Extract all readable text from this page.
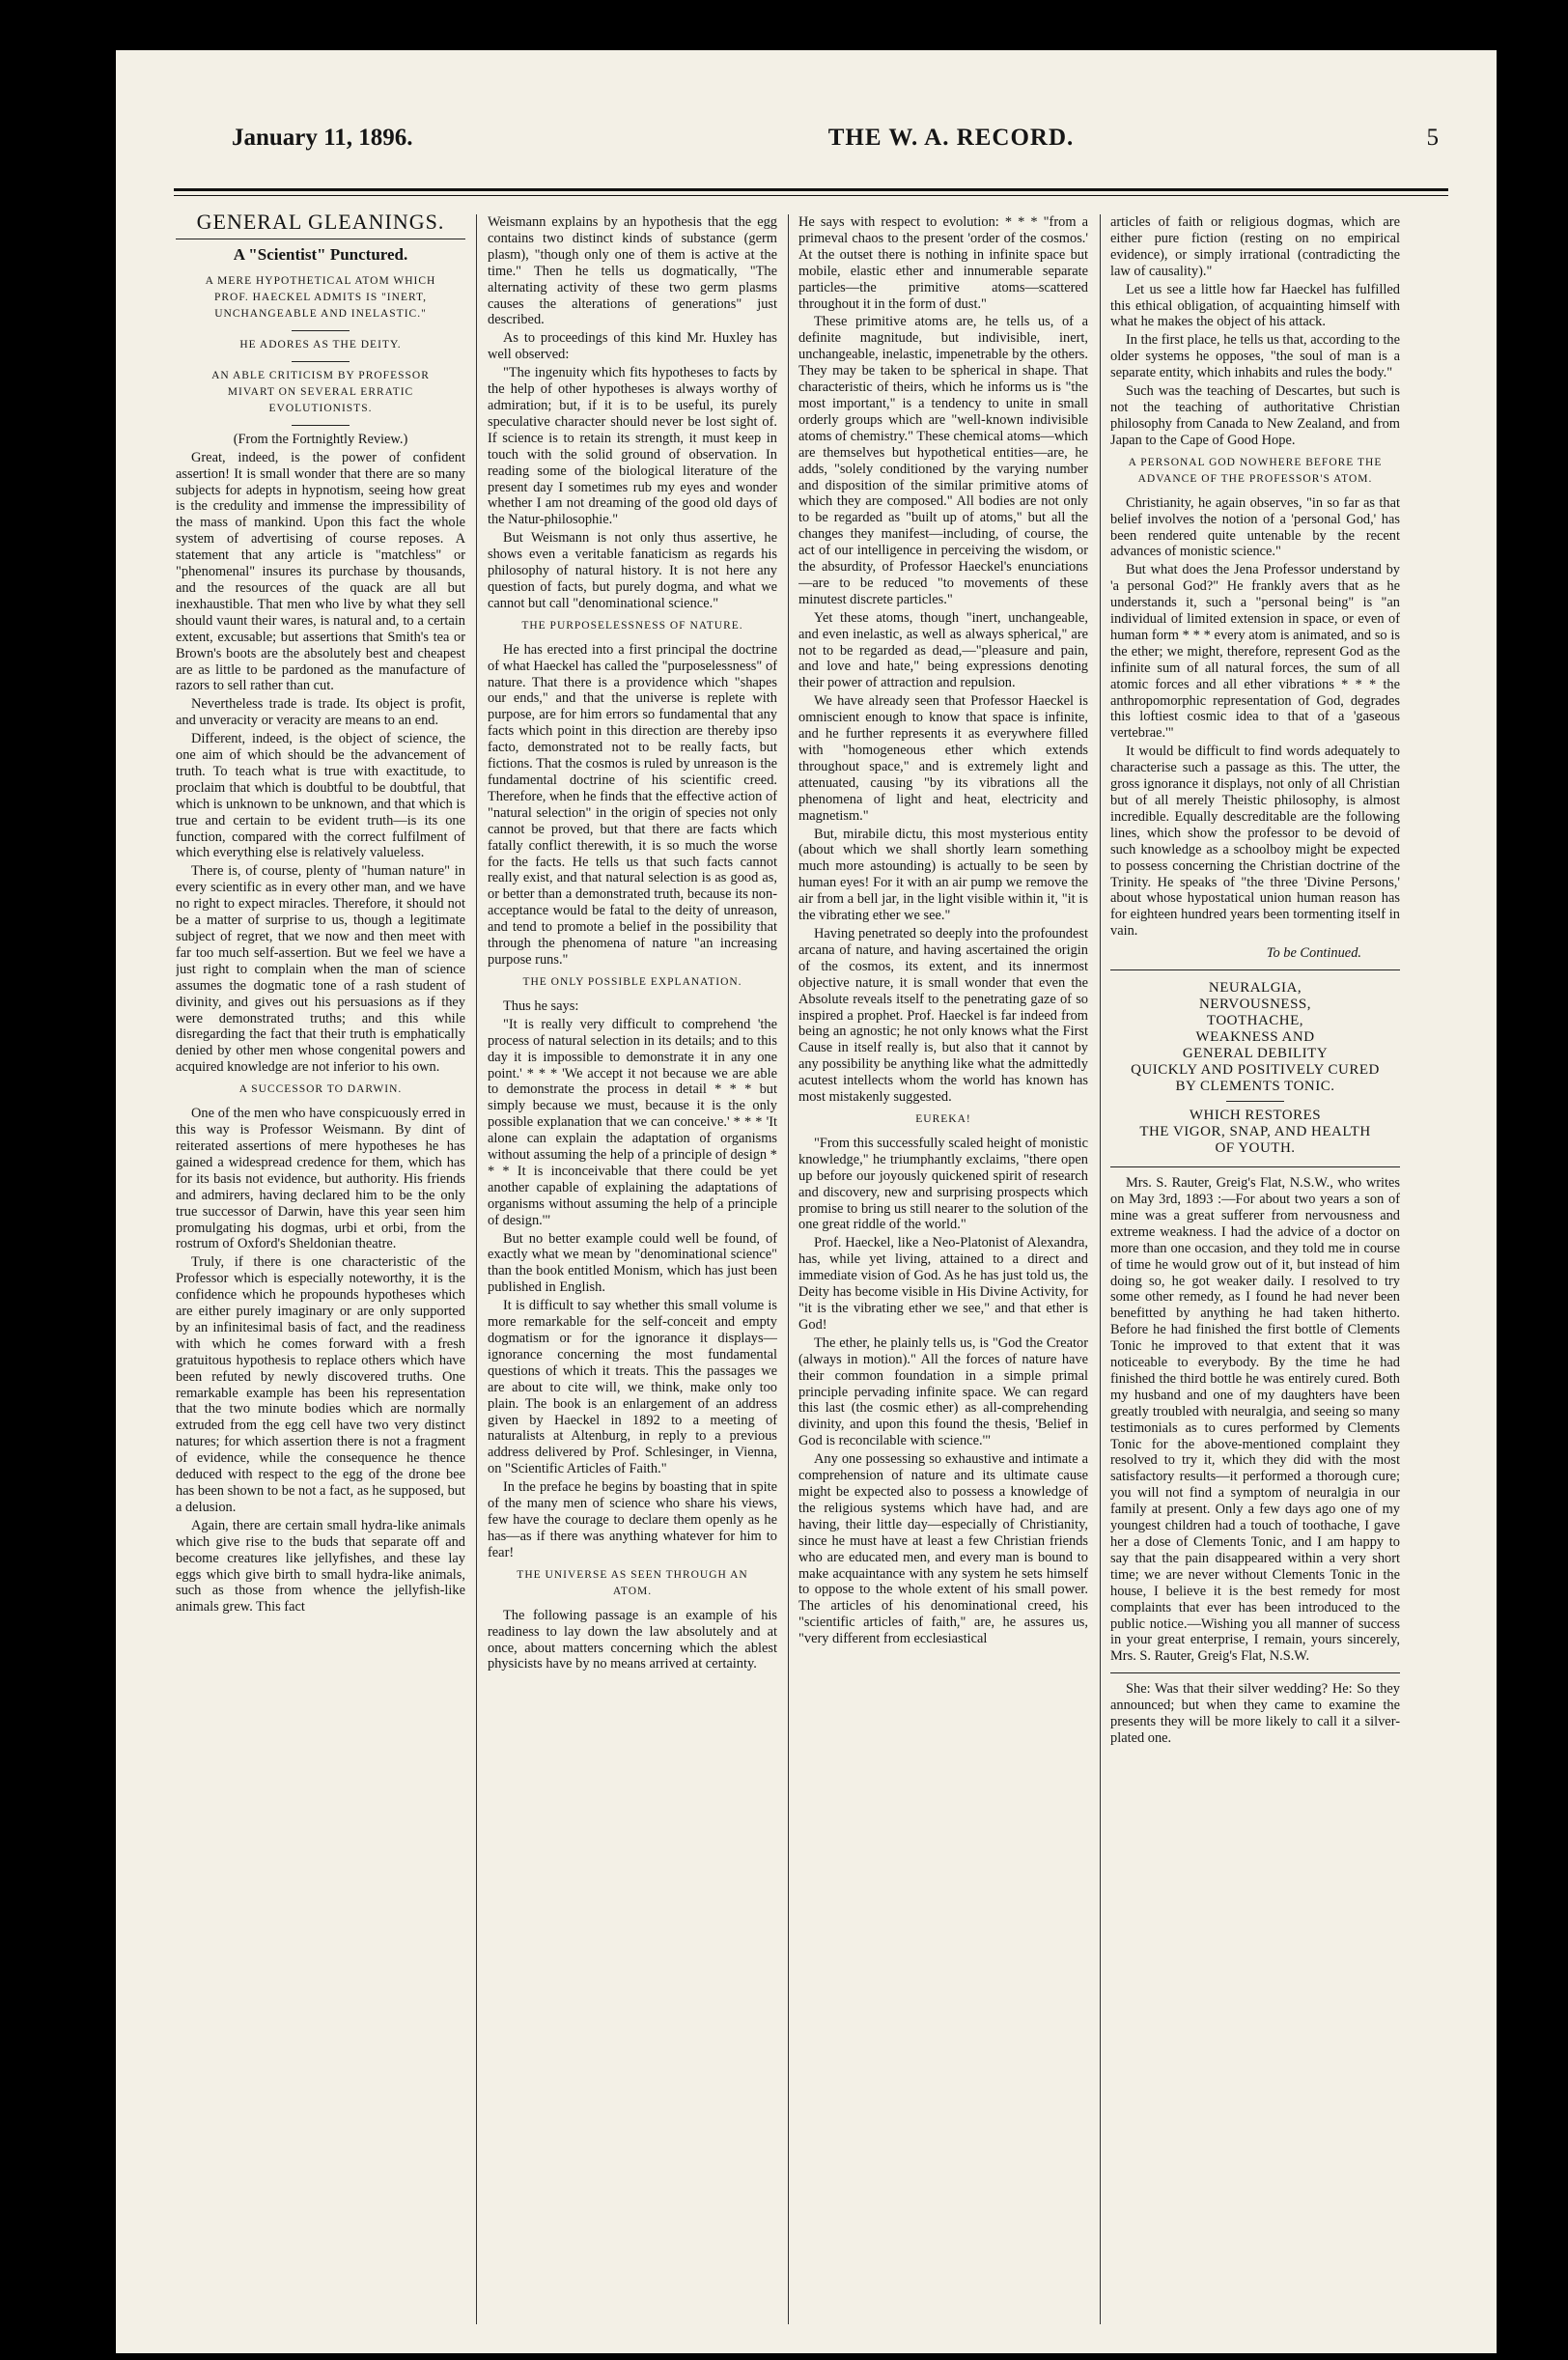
January 11, 1896.	THE W. A. RECORD.	5
GENERAL GLEANINGS.
A "Scientist" Punctured.
A MERE HYPOTHETICAL ATOM WHICH PROF. HAECKEL ADMITS IS "INERT, UNCHANGEABLE AND INELASTIC."
HE ADORES AS THE DEITY.
AN ABLE CRITICISM BY PROFESSOR MIVART ON SEVERAL ERRATIC EVOLUTIONISTS.

(From the Fortnightly Review.)

Great, indeed, is the power of confident assertion! It is small wonder that there are so many subjects for adepts in hypnotism, seeing how great is the credulity and immense the impressibility of the mass of mankind. Upon this fact the whole system of advertising of course reposes. A statement that any article is "matchless" or "phenomenal" insures its purchase by thousands, and the resources of the quack are all but inexhaustible. That men who live by what they sell should vaunt their wares, is natural and, to a certain extent, excusable; but assertions that Smith's tea or Brown's boots are the absolutely best and cheapest are as little to be pardoned as the manufacture of razors to sell rather than cut.

Nevertheless trade is trade. Its object is profit, and unveracity or veracity are means to an end.

Different, indeed, is the object of science, the one aim of which should be the advancement of truth. To teach what is true with exactitude, to proclaim that which is doubtful to be doubtful, that which is unknown to be unknown, and that which is true and certain to be evident truth—is its one function, compared with the correct fulfilment of which everything else is relatively valueless.

There is, of course, plenty of "human nature" in every scientific as in every other man, and we have no right to expect miracles. Therefore, it should not be a matter of surprise to us, though a legitimate subject of regret, that we now and then meet with far too much self-assertion. But we feel we have a just right to complain when the man of science assumes the dogmatic tone of a rash student of divinity, and gives out his persuasions as if they were demonstrated truths; and this while disregarding the fact that their truth is emphatically denied by other men whose congenital powers and acquired knowledge are not inferior to his own.

A SUCCESSOR TO DARWIN.

One of the men who have conspicuously erred in this way is Professor Weismann. By dint of reiterated assertions of mere hypotheses he has gained a widespread credence for them, which has for its basis not evidence, but authority. His friends and admirers, having declared him to be the only true successor of Darwin, have this year seen him promulgating his dogmas, urbi et orbi, from the rostrum of Oxford's Sheldonian theatre.

Truly, if there is one characteristic of the Professor which is especially noteworthy, it is the confidence which he propounds hypotheses which are either purely imaginary or are only supported by an infinitesimal basis of fact, and the readiness with which he comes forward with a fresh gratuitous hypothesis to replace others which have been refuted by newly discovered truths. One remarkable example has been his representation that the two minute bodies which are normally extruded from the egg cell have two very distinct natures; for which assertion there is not a fragment of evidence, while the consequence he thence deduced with respect to the egg of the drone bee has been shown to be not a fact, as he supposed, but a delusion.

Again, there are certain small hydra-like animals which give rise to the buds that separate off and become creatures like jellyfishes, and these lay eggs which give birth to small hydra-like animals, such as those from whence the jellyfish-like animals grew. This fact

Weismann explains by an hypothesis that the egg contains two distinct kinds of substance (germ plasm), "though only one of them is active at the time." Then he tells us dogmatically, "The alternating activity of these two germ plasms causes the alterations of generations" just described.

As to proceedings of this kind Mr. Huxley has well observed:

"The ingenuity which fits hypotheses to facts by the help of other hypotheses is always worthy of admiration; but, if it is to be useful, its purely speculative character should never be lost sight of. If science is to retain its strength, it must keep in touch with the solid ground of observation. In reading some of the biological literature of the present day I sometimes rub my eyes and wonder whether I am not dreaming of the good old days of the Natur-philosophie."

But Weismann is not only thus assertive, he shows even a veritable fanaticism as regards his philosophy of natural history. It is not here any question of facts, but purely dogma, and what we cannot but call "denominational science."

THE PURPOSELESSNESS OF NATURE.

He has erected into a first principal the doctrine of what Haeckel has called the "purposelessness" of nature. That there is a providence which "shapes our ends," and that the universe is replete with purpose, are for him errors so fundamental that any facts which point in this direction are thereby ipso facto, demonstrated not to be really facts, but fictions. That the cosmos is ruled by unreason is the fundamental doctrine of his scientific creed. Therefore, when he finds that the effective action of "natural selection" in the origin of species not only cannot be proved, but that there are facts which fatally conflict therewith, it is so much the worse for the facts. He tells us that such facts cannot really exist, and that natural selection is as good as, or better than a demonstrated truth, because its non-acceptance would be fatal to the deity of unreason, and tend to promote a belief in the possibility that through the phenomena of nature "an increasing purpose runs."

THE ONLY POSSIBLE EXPLANATION.

Thus he says:

"It is really very difficult to comprehend 'the process of natural selection in its details; and to this day it is impossible to demonstrate it in any one point.' * * * 'We accept it not because we are able to demonstrate the process in detail * * * but simply because we must, because it is the only possible explanation that we can conceive.' * * * 'It alone can explain the adaptation of organisms without assuming the help of a principle of design * * * It is inconceivable that there could be yet another capable of explaining the adaptations of organisms without assuming the help of a principle of design.'"

But no better example could well be found, of exactly what we mean by "denominational science" than the book entitled Monism, which has just been published in English.

It is difficult to say whether this small volume is more remarkable for the self-conceit and empty dogmatism or for the ignorance it displays—ignorance concerning the most fundamental questions of which it treats. This the passages we are about to cite will, we think, make only too plain. The book is an enlargement of an address given by Haeckel in 1892 to a meeting of naturalists at Altenburg, in reply to a previous address delivered by Prof. Schlesinger, in Vienna, on "Scientific Articles of Faith."

In the preface he begins by boasting that in spite of the many men of science who share his views, few have the courage to declare them openly as he has—as if there was anything whatever for him to fear!

THE UNIVERSE AS SEEN THROUGH AN ATOM.

The following passage is an example of his readiness to lay down the law absolutely and at once, about matters concerning which the ablest physicists have by no means arrived at certainty.

He says with respect to evolution: * * * "from a primeval chaos to the present 'order of the cosmos.' At the outset there is nothing in infinite space but mobile, elastic ether and innumerable separate particles—the primitive atoms—scattered throughout it in the form of dust."

These primitive atoms are, he tells us, of a definite magnitude, but indivisible, inert, unchangeable, inelastic, impenetrable by the others. They may be taken to be spherical in shape. That characteristic of theirs, which he informs us is "the most important," is a tendency to unite in small orderly groups which are "well-known indivisible atoms of chemistry." These chemical atoms—which are themselves but hypothetical entities—are, he adds, "solely conditioned by the varying number and disposition of the similar primitive atoms of which they are composed." All bodies are not only to be regarded as "built up of atoms," but all the changes they manifest—including, of course, the act of our intelligence in perceiving the wisdom, or the absurdity, of Professor Haeckel's enunciations—are to be reduced "to movements of these minutest discrete particles."

Yet these atoms, though "inert, unchangeable, and even inelastic, as well as always spherical," are not to be regarded as dead,—"pleasure and pain, and love and hate," being expressions denoting their power of attraction and repulsion.

We have already seen that Professor Haeckel is omniscient enough to know that space is infinite, and he further represents it as everywhere filled with "homogeneous ether which extends throughout space," and is extremely light and attenuated, causing "by its vibrations all the phenomena of light and heat, electricity and magnetism."

But, mirabile dictu, this most mysterious entity (about which we shall shortly learn something much more astounding) is actually to be seen by human eyes! For it with an air pump we remove the air from a bell jar, in the light visible within it, "it is the vibrating ether we see."

Having penetrated so deeply into the profoundest arcana of nature, and having ascertained the origin of the cosmos, its extent, and its innermost objective nature, it is small wonder that even the Absolute reveals itself to the penetrating gaze of so inspired a prophet. Prof. Haeckel is far indeed from being an agnostic; he not only knows what the First Cause in itself really is, but also that it cannot by any possibility be anything like what the admittedly acutest intellects whom the world has known has most mistakenly suggested.

EUREKA!

"From this successfully scaled height of monistic knowledge," he triumphantly exclaims, "there open up before our joyously quickened spirit of research and discovery, new and surprising prospects which promise to bring us still nearer to the solution of the one great riddle of the world."

Prof. Haeckel, like a Neo-Platonist of Alexandra, has, while yet living, attained to a direct and immediate vision of God. As he has just told us, the Deity has become visible in His Divine Activity, for "it is the vibrating ether we see," and that ether is God!

The ether, he plainly tells us, is "God the Creator (always in motion)." All the forces of nature have their common foundation in a simple primal principle pervading infinite space. We can regard this last (the cosmic ether) as all-comprehending divinity, and upon this found the thesis, 'Belief in God is reconcilable with science.'"

Any one possessing so exhaustive and intimate a comprehension of nature and its ultimate cause might be expected also to possess a knowledge of the religious systems which have had, and are having, their little day—especially of Christianity, since he must have at least a few Christian friends who are educated men, and every man is bound to make acquaintance with any system he sets himself to oppose to the whole extent of his small power. The articles of his denominational creed, his "scientific articles of faith," are, he assures us, "very different from ecclesiastical

articles of faith or religious dogmas, which are either pure fiction (resting on no empirical evidence), or simply irrational (contradicting the law of causality)."

Let us see a little how far Haeckel has fulfilled this ethical obligation, of acquainting himself with what he makes the object of his attack.

In the first place, he tells us that, according to the older systems he opposes, "the soul of man is a separate entity, which inhabits and rules the body."

Such was the teaching of Descartes, but such is not the teaching of authoritative Christian philosophy from Canada to New Zealand, and from Japan to the Cape of Good Hope.

A PERSONAL GOD NOWHERE BEFORE THE ADVANCE OF THE PROFESSOR'S ATOM.

Christianity, he again observes, "in so far as that belief involves the notion of a 'personal God,' has been rendered quite untenable by the recent advances of monistic science."

But what does the Jena Professor understand by 'a personal God?" He frankly avers that as he understands it, such a "personal being" is "an individual of limited extension in space, or even of human form * * * every atom is animated, and so is the ether; we might, therefore, represent God as the infinite sum of all natural forces, the sum of all atomic forces and all ether vibrations * * * the anthropomorphic representation of God, degrades this loftiest cosmic idea to that of a 'gaseous vertebrae.'"

It would be difficult to find words adequately to characterise such a passage as this. The utter, the gross ignorance it displays, not only of all Christian but of all merely Theistic philosophy, is almost incredible. Equally descreditable are the following lines, which show the professor to be devoid of such knowledge as a schoolboy might be expected to possess concerning the Christian doctrine of the Trinity. He speaks of "the three 'Divine Persons,' about whose hypostatical union human reason has for eighteen hundred years been tormenting itself in vain.

To be Continued.
NEURALGIA,
NERVOUSNESS,
TOOTHACHE,
WEAKNESS AND
GENERAL DEBILITY
QUICKLY AND POSITIVELY CURED
BY CLEMENTS TONIC.
WHICH RESTORES
THE VIGOR, SNAP, AND HEALTH
OF YOUTH.

Mrs. S. Rauter, Greig's Flat, N.S.W., who writes on May 3rd, 1893 :—For about two years a son of mine was a great sufferer from nervousness and extreme weakness. I had the advice of a doctor on more than one occasion, and they told me in course of time he would grow out of it, but instead of him doing so, he got weaker daily. I resolved to try some other remedy, as I found he had never been benefitted by anything he had taken hitherto. Before he had finished the first bottle of Clements Tonic he improved to that extent that it was noticeable to everybody. By the time he had finished the third bottle he was entirely cured. Both my husband and one of my daughters have been greatly troubled with neuralgia, and seeing so many testimonials as to cures performed by Clements Tonic for the above-mentioned complaint they resolved to try it, which they did with the most satisfactory results—it performed a thorough cure; you will not find a symptom of neuralgia in our family at present. Only a few days ago one of my youngest children had a touch of toothache, I gave her a dose of Clements Tonic, and I am happy to say that the pain disappeared within a very short time; we are never without Clements Tonic in the house, I believe it is the best remedy for most complaints that ever has been introduced to the public notice.—Wishing you all manner of success in your great enterprise, I remain, yours sincerely, Mrs. S. Rauter, Greig's Flat, N.S.W.

She: Was that their silver wedding? He: So they announced; but when they came to examine the presents they will be more likely to call it a silver-plated one.
